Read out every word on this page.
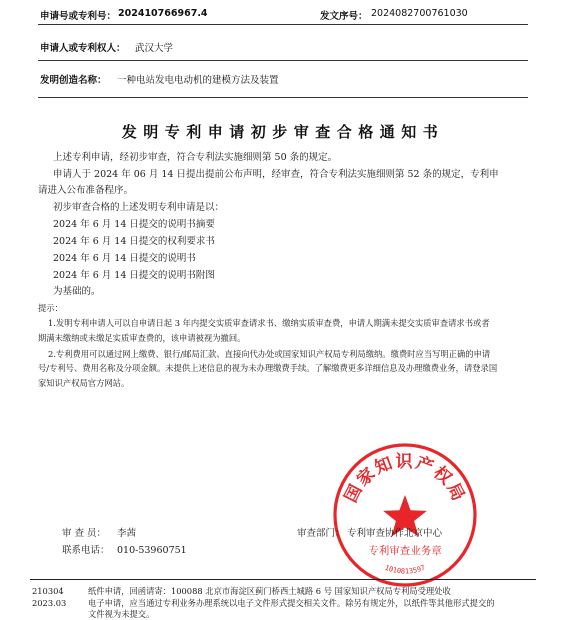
申请号或专利号： 202410766967.4	发文序号： 2024082700761030
申请人或专利权人： 武汉大学
发明创造名称： 一种电站发电电动机的建模方法及装置
发明专利申请初步审查合格通知书
上述专利申请，经初步审查，符合专利法实施细则第 50 条的规定。
申请人于 2024 年 06 月 14 日提出提前公布声明，经审查，符合专利法实施细则第 52 条的规定，专利申
请进入公布准备程序。
初步审查合格的上述发明专利申请是以：
2024 年 6 月 14 日提交的说明书摘要
2024 年 6 月 14 日提交的权利要求书
2024 年 6 月 14 日提交的说明书
2024 年 6 月 14 日提交的说明书附图
为基础的。
提示：
1.发明专利申请人可以自申请日起 3 年内提交实质审查请求书、缴纳实质审查费，申请人期满未提交实质审查请求书或者
期满未缴纳或未缴足实质审查费的，该申请被视为撤回。
2.专利费用可以通过网上缴费、银行/邮局汇款、直接向代办处或国家知识产权局专利局缴纳。缴费时应当写明正确的申请
号/专利号、费用名称及分项金额。未提供上述信息的视为未办理缴费手续。了解缴费更多详细信息及办理缴费业务，请登录国
家知识产权局官方网站。
国家知识产权局
专利审查业务章
1010813597
审 查 员： 李茜
联系电话： 010-53960751
审查部门： 专利审查协作北京中心
210304
2023.03
纸件申请，回函请寄：100088 北京市海淀区蓟门桥西土城路 6 号 国家知识产权局专利局受理处收
电子申请，应当通过专利业务办理系统以电子文件形式提交相关文件。除另有规定外，以纸件等其他形式提交的
文件视为未提交。
